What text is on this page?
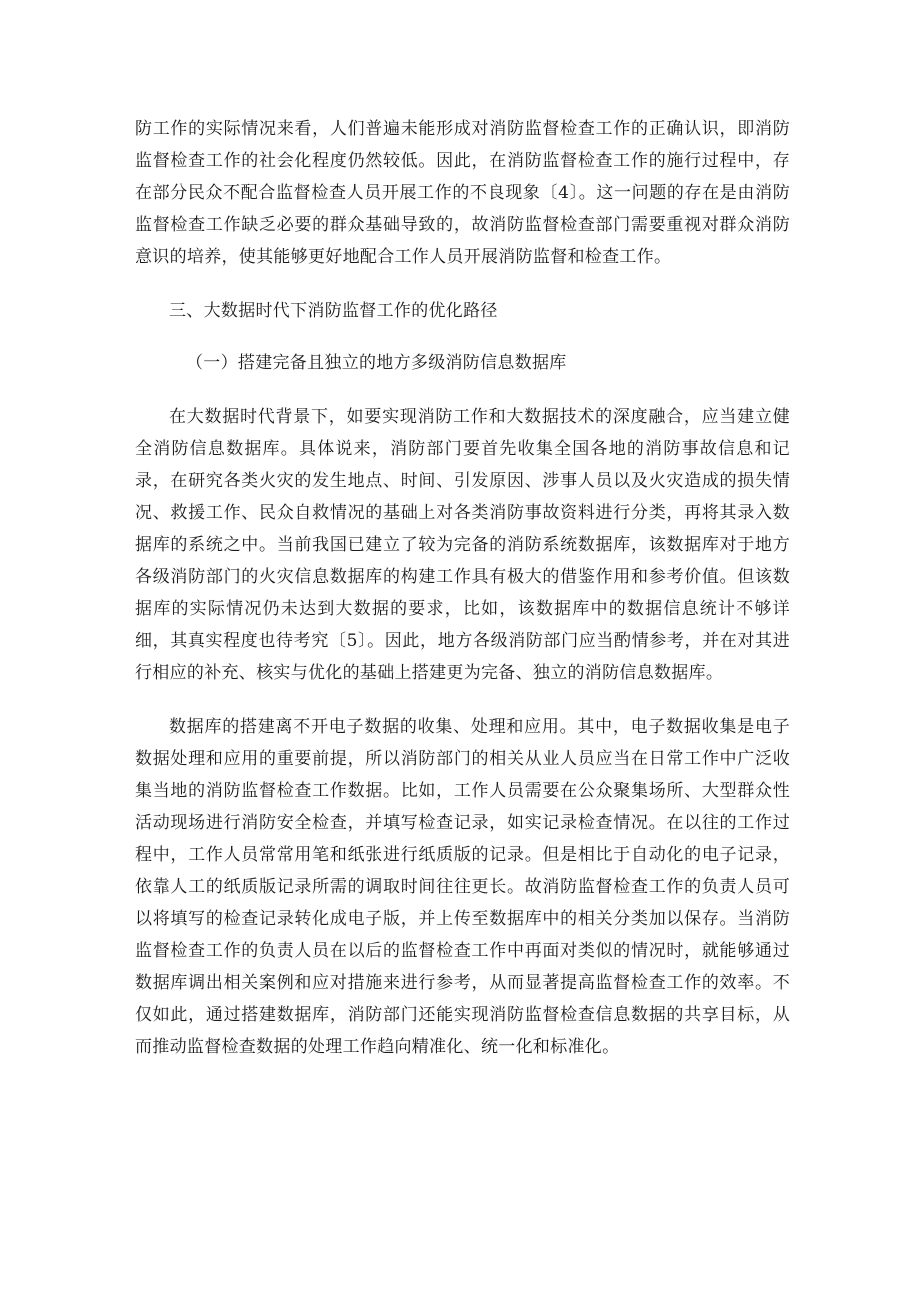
防工作的实际情况来看，人们普遍未能形成对消防监督检查工作的正确认识，即消防监督检查工作的社会化程度仍然较低。因此，在消防监督检查工作的施行过程中，存在部分民众不配合监督检查人员开展工作的不良现象〔4〕。这一问题的存在是由消防监督检查工作缺乏必要的群众基础导致的，故消防监督检查部门需要重视对群众消防意识的培养，使其能够更好地配合工作人员开展消防监督和检查工作。

三、大数据时代下消防监督工作的优化路径

（一）搭建完备且独立的地方多级消防信息数据库

在大数据时代背景下，如要实现消防工作和大数据技术的深度融合，应当建立健全消防信息数据库。具体说来，消防部门要首先收集全国各地的消防事故信息和记录，在研究各类火灾的发生地点、时间、引发原因、涉事人员以及火灾造成的损失情况、救援工作、民众自救情况的基础上对各类消防事故资料进行分类，再将其录入数据库的系统之中。当前我国已建立了较为完备的消防系统数据库，该数据库对于地方各级消防部门的火灾信息数据库的构建工作具有极大的借鉴作用和参考价值。但该数据库的实际情况仍未达到大数据的要求，比如，该数据库中的数据信息统计不够详细，其真实程度也待考究〔5〕。因此，地方各级消防部门应当酌情参考，并在对其进行相应的补充、核实与优化的基础上搭建更为完备、独立的消防信息数据库。

数据库的搭建离不开电子数据的收集、处理和应用。其中，电子数据收集是电子数据处理和应用的重要前提，所以消防部门的相关从业人员应当在日常工作中广泛收集当地的消防监督检查工作数据。比如，工作人员需要在公众聚集场所、大型群众性活动现场进行消防安全检查，并填写检查记录，如实记录检查情况。在以往的工作过程中，工作人员常常用笔和纸张进行纸质版的记录。但是相比于自动化的电子记录，依靠人工的纸质版记录所需的调取时间往往更长。故消防监督检查工作的负责人员可以将填写的检查记录转化成电子版，并上传至数据库中的相关分类加以保存。当消防监督检查工作的负责人员在以后的监督检查工作中再面对类似的情况时，就能够通过数据库调出相关案例和应对措施来进行参考，从而显著提高监督检查工作的效率。不仅如此，通过搭建数据库，消防部门还能实现消防监督检查信息数据的共享目标，从而推动监督检查数据的处理工作趋向精准化、统一化和标准化。
